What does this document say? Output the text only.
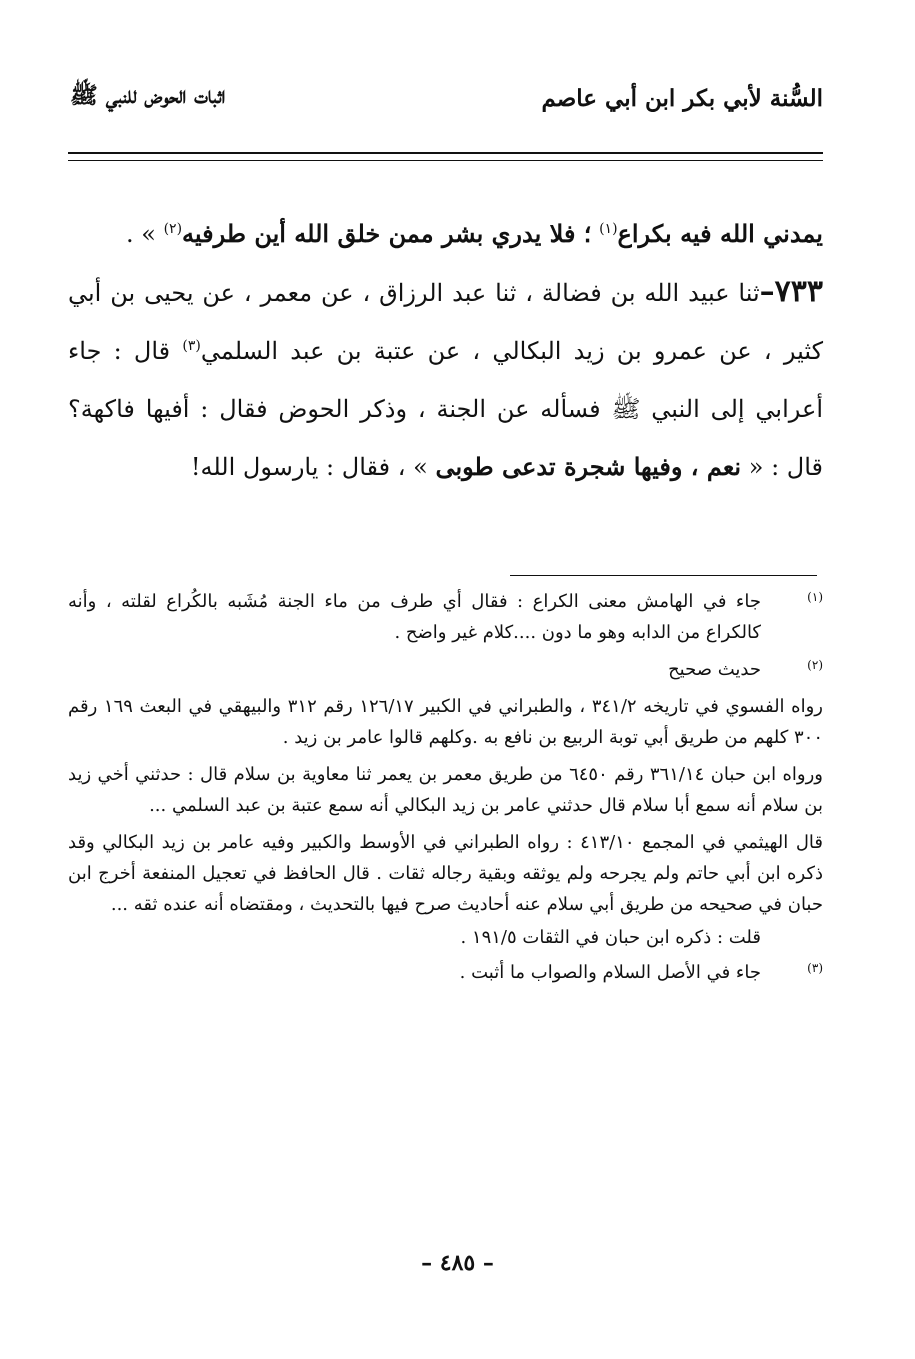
السُّنة لأبي بكر ابن أبي عاصم
اثبات الحوض للنبي ﷺ

يمدني الله فيه بكراع$^{(١)}$ ؛ فلا يدري بشر ممن خلق الله أين طرفيه$^{(٢)}$ » .

٧٣٣–ثنا عبيد الله بن فضالة ، ثنا عبد الرزاق ، عن معمر ، عن يحيى بن أبي كثير ، عن عمرو بن زيد البكالي ، عن عتبة بن عبد السلمي$^{(٣)}$ قال : جاء أعرابي إلى النبي ﷺ فسأله عن الجنة ، وذكر الحوض فقال : أفيها فاكهة؟ قال : « نعم ، وفيها شجرة تدعى طوبى » ، فقال : يارسول الله!

(١)

جاء في الهامش معنى الكراع : فقال أي طرف من ماء الجنة مُشَبه بالكُراع لقلته ، وأنه كالكراع من الدابه وهو ما دون ....كلام غير واضح .

(٢)

حديث صحيح

رواه الفسوي في تاريخه ٣٤١/٢ ، والطبراني في الكبير ١٢٦/١٧ رقم ٣١٢ والبيهقي في البعث ١٦٩ رقم ٣٠٠ كلهم من طريق أبي توبة الربيع بن نافع به .وكلهم قالوا عامر بن زيد .

ورواه ابن حبان ٣٦١/١٤ رقم ٦٤٥٠ من طريق معمر بن يعمر ثنا معاوية بن سلام قال : حدثني أخي زيد بن سلام أنه سمع أبا سلام قال حدثني عامر بن زيد البكالي أنه سمع عتبة بن عبد السلمي ...

قال الهيثمي في المجمع ٤١٣/١٠ : رواه الطبراني في الأوسط والكبير وفيه عامر بن زيد البكالي وقد ذكره ابن أبي حاتم ولم يجرحه ولم يوثقه وبقية رجاله ثقات . قال الحافظ في تعجيل المنفعة أخرج ابن حبان في صحيحه من طريق أبي سلام عنه أحاديث صرح فيها بالتحديث ، ومقتضاه أنه عنده ثقه ...

قلت : ذكره ابن حبان في الثقات ١٩١/٥ .

(٣)

جاء في الأصل السلام والصواب ما أثبت .

– ٤٨٥ –
